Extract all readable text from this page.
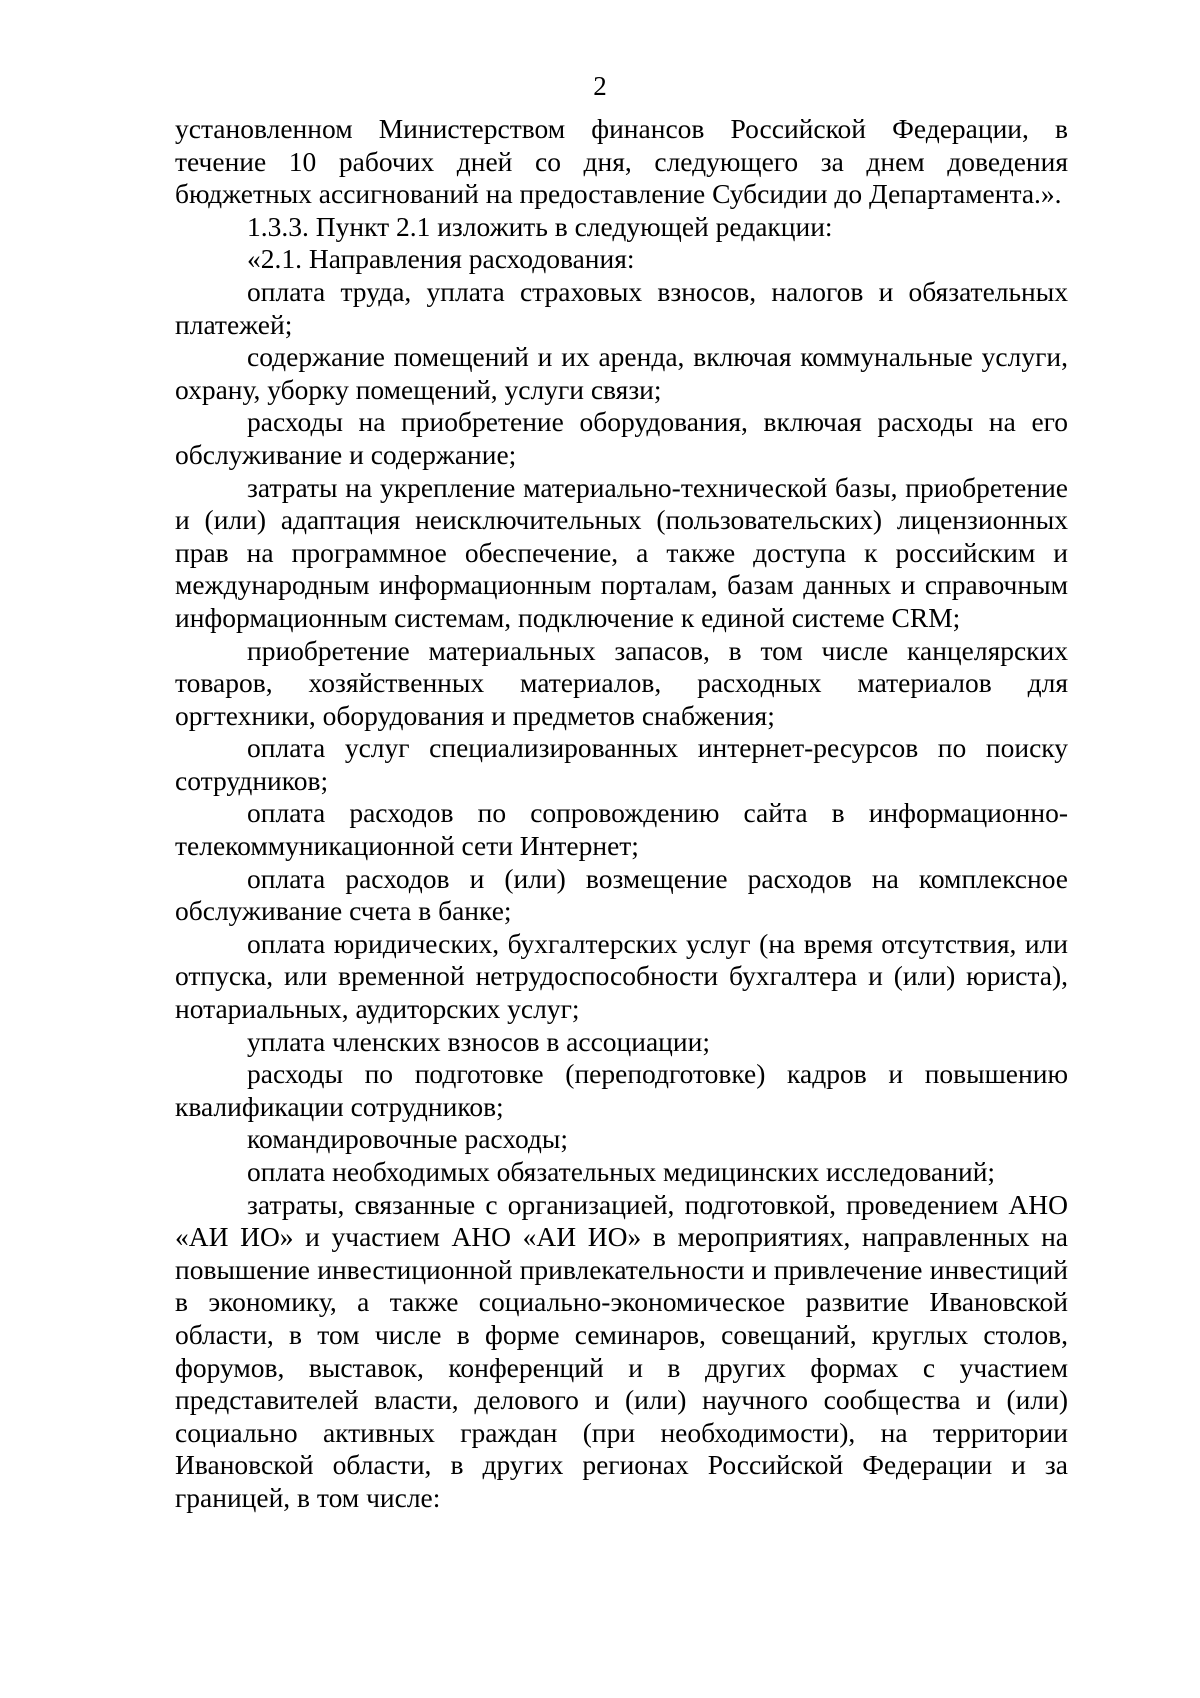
2

установленном Министерством финансов Российской Федерации, в течение 10 рабочих дней со дня, следующего за днем доведения бюджетных ассигнований на предоставление Субсидии до Департамента.».

1.3.3. Пункт 2.1 изложить в следующей редакции:

«2.1. Направления расходования:

оплата труда, уплата страховых взносов, налогов и обязательных платежей;

содержание помещений и их аренда, включая коммунальные услуги, охрану, уборку помещений, услуги связи;

расходы на приобретение оборудования, включая расходы на его обслуживание и содержание;

затраты на укрепление материально-технической базы, приобретение и (или) адаптация неисключительных (пользовательских) лицензионных прав на программное обеспечение, а также доступа к российским и международным информационным порталам, базам данных и справочным информационным системам, подключение к единой системе CRM;

приобретение материальных запасов, в том числе канцелярских товаров, хозяйственных материалов, расходных материалов для оргтехники, оборудования и предметов снабжения;

оплата услуг специализированных интернет-ресурсов по поиску сотрудников;

оплата расходов по сопровождению сайта в информационно-телекоммуникационной сети Интернет;

оплата расходов и (или) возмещение расходов на комплексное обслуживание счета в банке;

оплата юридических, бухгалтерских услуг (на время отсутствия, или отпуска, или временной нетрудоспособности бухгалтера и (или) юриста), нотариальных, аудиторских услуг;

уплата членских взносов в ассоциации;

расходы по подготовке (переподготовке) кадров и повышению квалификации сотрудников;

командировочные расходы;

оплата необходимых обязательных медицинских исследований;

затраты, связанные с организацией, подготовкой, проведением АНО «АИ ИО» и участием АНО «АИ ИО» в мероприятиях, направленных на повышение инвестиционной привлекательности и привлечение инвестиций в экономику, а также социально-экономическое развитие Ивановской области, в том числе в форме семинаров, совещаний, круглых столов, форумов, выставок, конференций и в других формах с участием представителей власти, делового и (или) научного сообщества и (или) социально активных граждан (при необходимости), на территории Ивановской области, в других регионах Российской Федерации и за границей, в том числе:
